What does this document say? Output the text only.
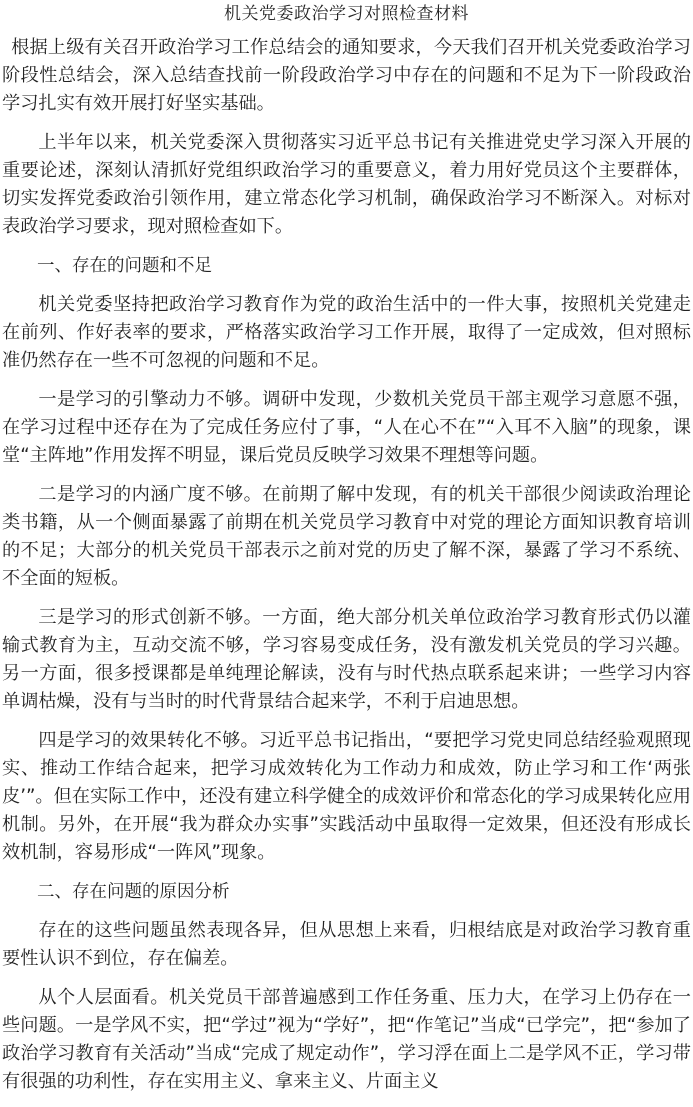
机关党委政治学习对照检查材料

根据上级有关召开政治学习工作总结会的通知要求，今天我们召开机关党委政治学习阶段性总结会，深入总结查找前一阶段政治学习中存在的问题和不足为下一阶段政治学习扎实有效开展打好坚实基础。

上半年以来，机关党委深入贯彻落实习近平总书记有关推进党史学习深入开展的重要论述，深刻认清抓好党组织政治学习的重要意义，着力用好党员这个主要群体，切实发挥党委政治引领作用，建立常态化学习机制，确保政治学习不断深入。对标对表政治学习要求，现对照检查如下。

一、存在的问题和不足

机关党委坚持把政治学习教育作为党的政治生活中的一件大事，按照机关党建走在前列、作好表率的要求，严格落实政治学习工作开展，取得了一定成效，但对照标准仍然存在一些不可忽视的问题和不足。

一是学习的引擎动力不够。调研中发现，少数机关党员干部主观学习意愿不强，在学习过程中还存在为了完成任务应付了事，“人在心不在”“入耳不入脑”的现象，课堂“主阵地”作用发挥不明显，课后党员反映学习效果不理想等问题。

二是学习的内涵广度不够。在前期了解中发现，有的机关干部很少阅读政治理论类书籍，从一个侧面暴露了前期在机关党员学习教育中对党的理论方面知识教育培训的不足；大部分的机关党员干部表示之前对党的历史了解不深，暴露了学习不系统、不全面的短板。

三是学习的形式创新不够。一方面，绝大部分机关单位政治学习教育形式仍以灌输式教育为主，互动交流不够，学习容易变成任务，没有激发机关党员的学习兴趣。另一方面，很多授课都是单纯理论解读，没有与时代热点联系起来讲；一些学习内容单调枯燥，没有与当时的时代背景结合起来学，不利于启迪思想。

四是学习的效果转化不够。习近平总书记指出，“要把学习党史同总结经验观照现实、推动工作结合起来，把学习成效转化为工作动力和成效，防止学习和工作‘两张皮’”。但在实际工作中，还没有建立科学健全的成效评价和常态化的学习成果转化应用机制。另外，在开展“我为群众办实事”实践活动中虽取得一定效果，但还没有形成长效机制，容易形成“一阵风”现象。

二、存在问题的原因分析

存在的这些问题虽然表现各异，但从思想上来看，归根结底是对政治学习教育重要性认识不到位，存在偏差。

从个人层面看。机关党员干部普遍感到工作任务重、压力大，在学习上仍存在一些问题。一是学风不实，把“学过”视为“学好”，把“作笔记”当成“已学完”，把“参加了政治学习教育有关活动”当成“完成了规定动作”，学习浮在面上二是学风不正，学习带有很强的功利性，存在实用主义、拿来主义、片面主义
